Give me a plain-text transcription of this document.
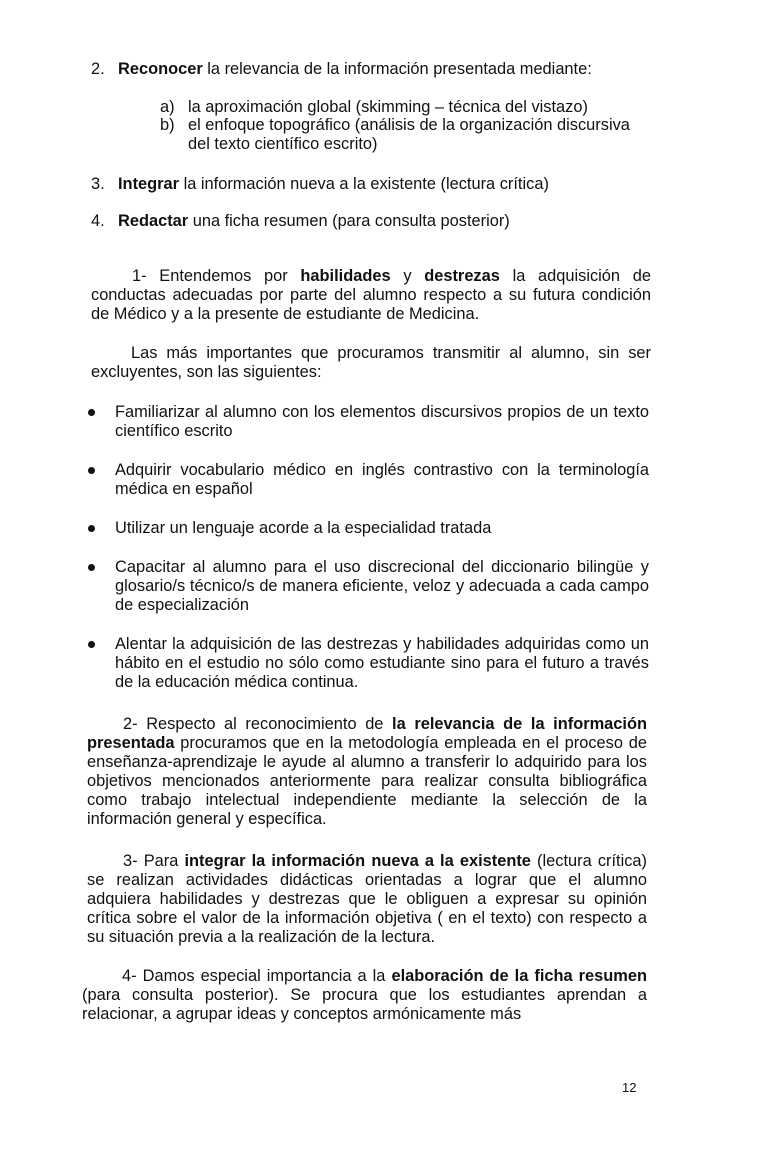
2. Reconocer la relevancia de la información presentada mediante:
a) la aproximación global (skimming – técnica del vistazo)
b) el enfoque topográfico (análisis de la organización discursiva del texto científico escrito)
3. Integrar la información nueva a la existente (lectura crítica)
4. Redactar una ficha resumen (para consulta posterior)
1- Entendemos por habilidades y destrezas la adquisición de conductas adecuadas por parte del alumno respecto a su futura condición de Médico y a la presente de estudiante de Medicina.
Las más importantes que procuramos transmitir al alumno, sin ser excluyentes, son las siguientes:
Familiarizar al alumno con los elementos discursivos propios de un texto científico escrito
Adquirir vocabulario médico en inglés contrastivo con la terminología médica en español
Utilizar un lenguaje acorde a la especialidad tratada
Capacitar al alumno para el uso discrecional del diccionario bilingüe y glosario/s técnico/s de manera eficiente, veloz y adecuada a cada campo de especialización
Alentar la adquisición de las destrezas y habilidades adquiridas como un hábito en el estudio no sólo como estudiante sino para el futuro a través de la educación médica continua.
2- Respecto al reconocimiento de la relevancia de la información presentada procuramos que en la metodología empleada en el proceso de enseñanza-aprendizaje le ayude al alumno a transferir lo adquirido para los objetivos mencionados anteriormente para realizar consulta bibliográfica como trabajo intelectual independiente mediante la selección de la información general y específica.
3- Para integrar la información nueva a la existente (lectura crítica) se realizan actividades didácticas orientadas a lograr que el alumno adquiera habilidades y destrezas que le obliguen a expresar su opinión crítica sobre el valor de la información objetiva ( en el texto) con respecto a su situación previa a la realización de la lectura.
4- Damos especial importancia a la elaboración de la ficha resumen (para consulta posterior). Se procura que los estudiantes aprendan a relacionar, a agrupar ideas y conceptos armónicamente más
12
